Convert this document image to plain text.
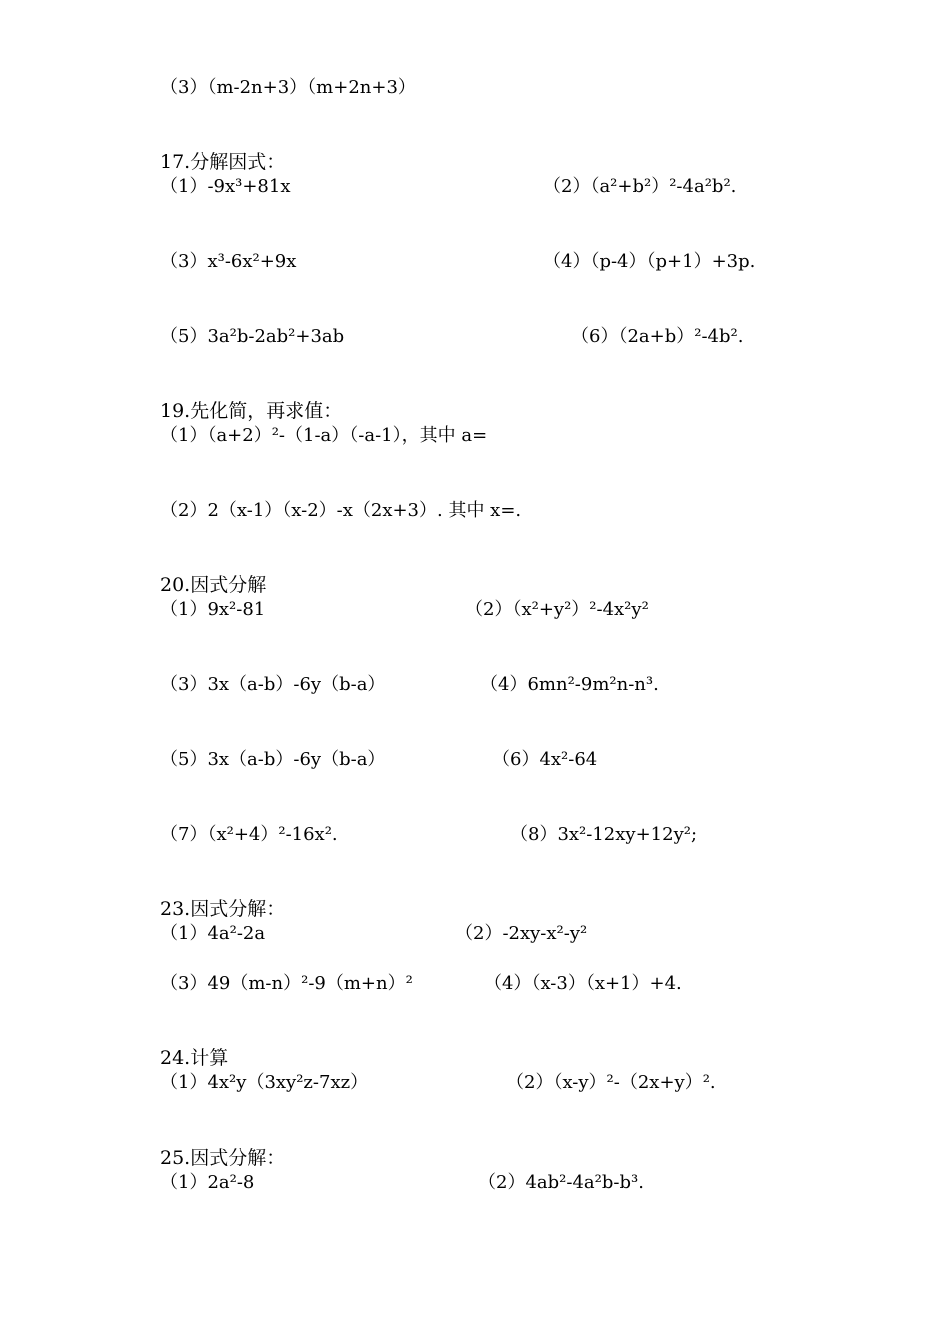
（3）（m-2n+3）（m+2n+3）
17.分解因式：
（1）-9x³+81x	（2）（a²+b²）²-4a²b².
（3）x³-6x²+9x	（4）（p-4）（p+1）+3p.
（5）3a²b-2ab²+3ab	（6）（2a+b）²-4b².
19.先化简，再求值：
（1）（a+2）²-（1-a）（-a-1），其中 a=
（2）2（x-1）（x-2）-x（2x+3）. 其中 x=.
20.因式分解
（1）9x²-81	（2）（x²+y²）²-4x²y²
（3）3x（a-b）-6y（b-a）	（4）6mn²-9m²n-n³.
（5）3x（a-b）-6y（b-a）	（6）4x²-64
（7）（x²+4）²-16x².	（8）3x²-12xy+12y²;
23.因式分解：
（1）4a²-2a	（2）-2xy-x²-y²
（3）49（m-n）²-9（m+n）²	（4）（x-3）（x+1）+4.
24.计算
（1）4x²y（3xy²z-7xz）	（2）（x-y）²-（2x+y）².
25.因式分解：
（1）2a²-8	（2）4ab²-4a²b-b³.
